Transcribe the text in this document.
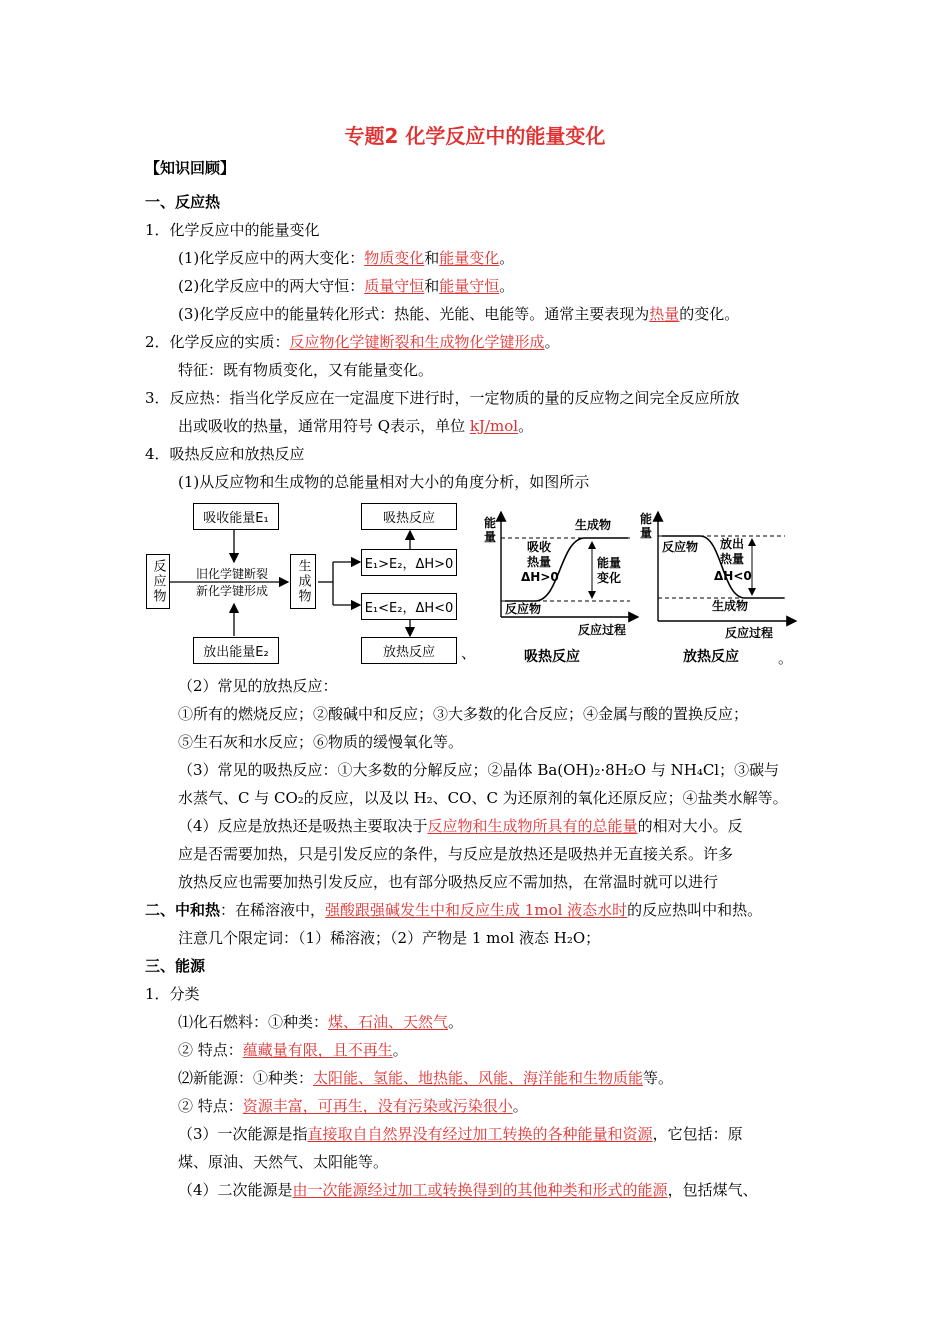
专题2 化学反应中的能量变化
【知识回顾】
一、反应热
1．化学反应中的能量变化
(1)化学反应中的两大变化：物质变化和能量变化。
(2)化学反应中的两大守恒：质量守恒和能量守恒。
(3)化学反应中的能量转化形式：热能、光能、电能等。通常主要表现为热量的变化。
2．化学反应的实质：反应物化学键断裂和生成物化学键形成。
特征：既有物质变化，又有能量变化。
3．反应热：指当化学反应在一定温度下进行时，一定物质的量的反应物之间完全反应所放
出或吸收的热量，通常用符号 Q表示，单位 kJ/mol。
4．吸热反应和放热反应
(1)从反应物和生成物的总能量相对大小的角度分析，如图所示
吸收能量E₁
放出能量E₂
反应物	生成物
旧化学键断裂
新化学键形成
吸热反应
E₁>E₂，ΔH>0
E₁<E₂，ΔH<0
放热反应	、
能量
生成物
吸收
热量
ΔH>0
能量
变化
反应物
反应过程
吸热反应
能量
反应物 放出
热量
ΔH<0
生成物
反应过程
放热反应	。
（2）常见的放热反应：
①所有的燃烧反应；②酸碱中和反应；③大多数的化合反应；④金属与酸的置换反应；
⑤生石灰和水反应；⑥物质的缓慢氧化等。
（3）常见的吸热反应：①大多数的分解反应；②晶体 Ba(OH)₂·8H₂O 与 NH₄Cl；③碳与
水蒸气、C 与 CO₂的反应，以及以 H₂、CO、C 为还原剂的氧化还原反应；④盐类水解等。
（4）反应是放热还是吸热主要取决于反应物和生成物所具有的总能量的相对大小。反
应是否需要加热，只是引发反应的条件，与反应是放热还是吸热并无直接关系。许多
放热反应也需要加热引发反应，也有部分吸热反应不需加热，在常温时就可以进行
二、中和热：在稀溶液中，强酸跟强碱发生中和反应生成 1mol 液态水时的反应热叫中和热。
注意几个限定词：（1）稀溶液；（2）产物是 1 mol 液态 H₂O；
三、能源
1．分类
⑴化石燃料：①种类：煤、石油、天然气。
② 特点：蕴藏量有限，且不再生。
⑵新能源：①种类：太阳能、氢能、地热能、风能、海洋能和生物质能等。
② 特点：资源丰富，可再生，没有污染或污染很小。
（3）一次能源是指直接取自自然界没有经过加工转换的各种能量和资源，它包括：原
煤、原油、天然气、太阳能等。
（4）二次能源是由一次能源经过加工或转换得到的其他种类和形式的能源，包括煤气、
